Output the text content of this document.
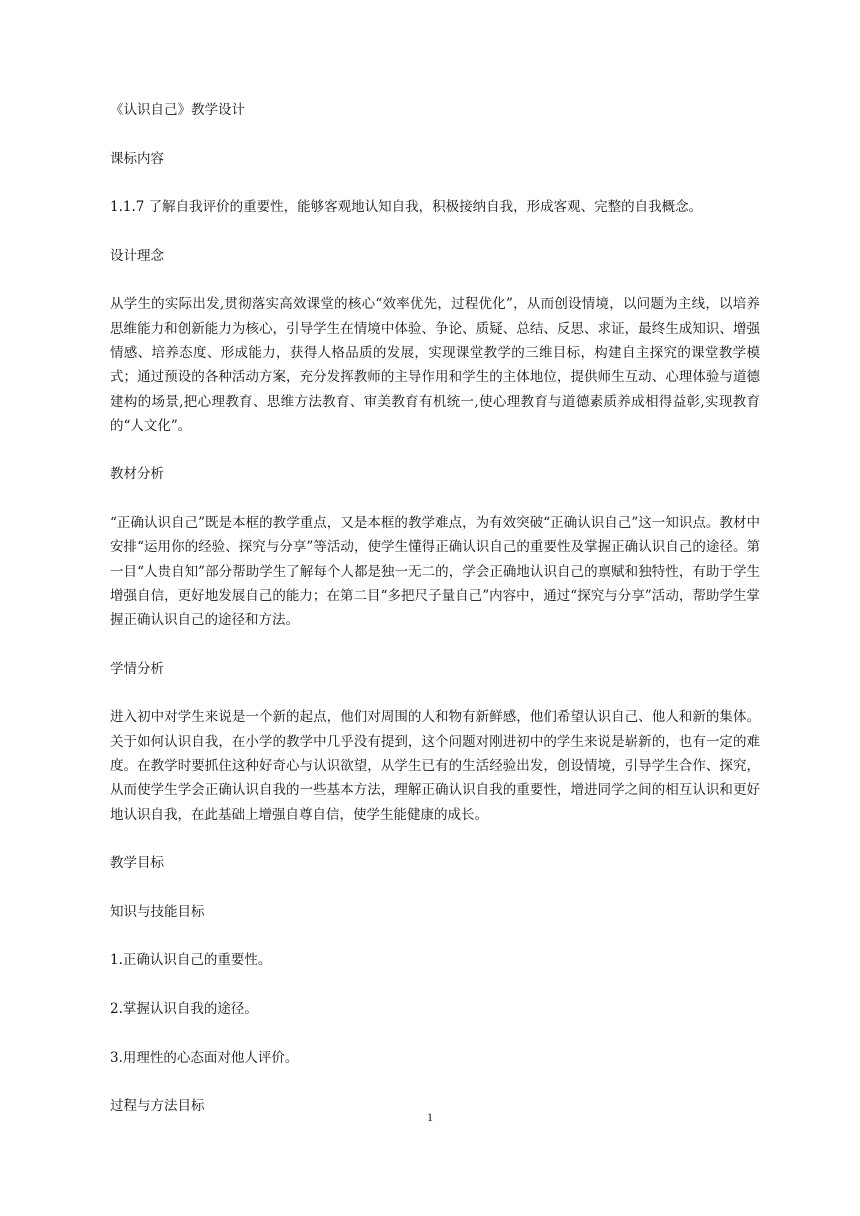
《认识自己》教学设计

课标内容

1.1.7 了解自我评价的重要性，能够客观地认知自我，积极接纳自我，形成客观、完整的自我概念。

设计理念

从学生的实际出发,贯彻落实高效课堂的核心“效率优先，过程优化”，从而创设情境，以问题为主线，以培养思维能力和创新能力为核心，引导学生在情境中体验、争论、质疑、总结、反思、求证，最终生成知识、增强情感、培养态度、形成能力，获得人格品质的发展，实现课堂教学的三维目标，构建自主探究的课堂教学模式；通过预设的各种活动方案，充分发挥教师的主导作用和学生的主体地位，提供师生互动、心理体验与道德建构的场景,把心理教育、思维方法教育、审美教育有机统一,使心理教育与道德素质养成相得益彰,实现教育的“人文化”。

教材分析

“正确认识自己”既是本框的教学重点，又是本框的教学难点，为有效突破“正确认识自己”这一知识点。教材中安排“运用你的经验、探究与分享”等活动，使学生懂得正确认识自己的重要性及掌握正确认识自己的途径。第一目“人贵自知”部分帮助学生了解每个人都是独一无二的，学会正确地认识自己的禀赋和独特性，有助于学生增强自信，更好地发展自己的能力；在第二目“多把尺子量自己”内容中，通过“探究与分享”活动，帮助学生掌握正确认识自己的途径和方法。

学情分析

进入初中对学生来说是一个新的起点，他们对周围的人和物有新鲜感，他们希望认识自己、他人和新的集体。关于如何认识自我，在小学的教学中几乎没有提到，这个问题对刚进初中的学生来说是崭新的，也有一定的难度。在教学时要抓住这种好奇心与认识欲望，从学生已有的生活经验出发，创设情境，引导学生合作、探究，从而使学生学会正确认识自我的一些基本方法，理解正确认识自我的重要性，增进同学之间的相互认识和更好地认识自我，在此基础上增强自尊自信，使学生能健康的成长。

教学目标

知识与技能目标

1.正确认识自己的重要性。

2.掌握认识自我的途径。

3.用理性的心态面对他人评价。

过程与方法目标

1
